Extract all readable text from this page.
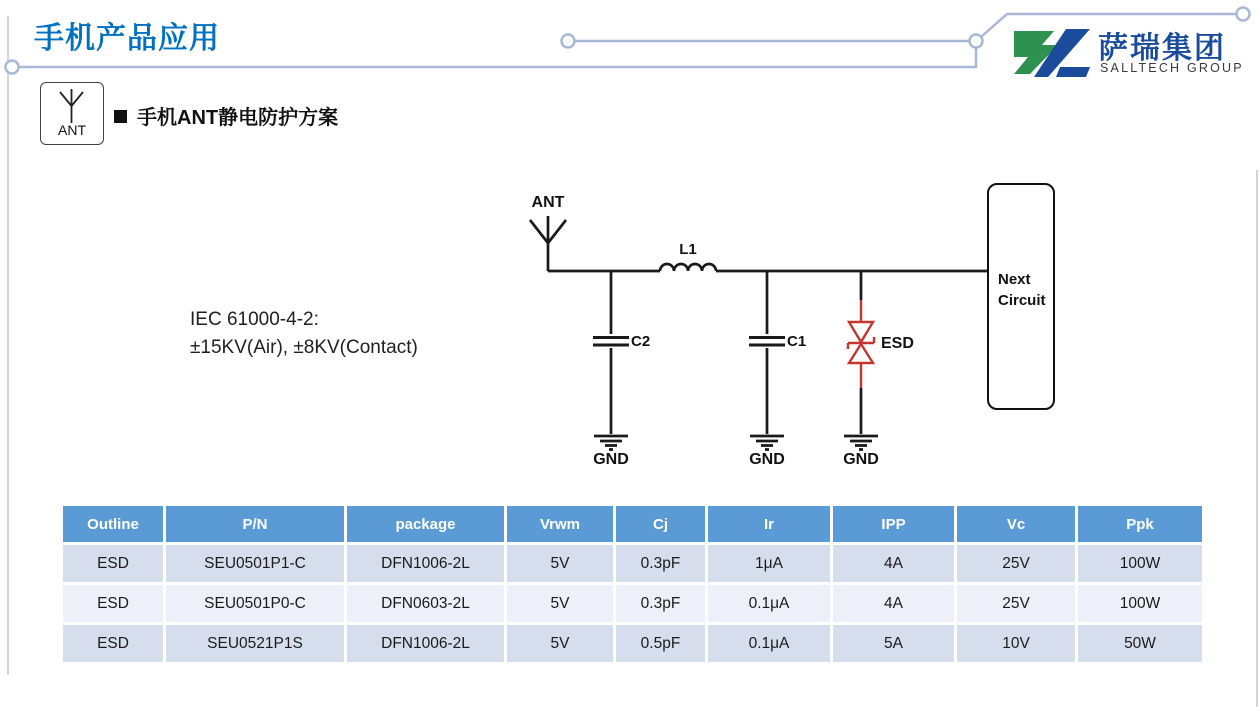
手机产品应用	萨瑞集团
SALLTECH GROUP
ANT
手机ANT静电防护方案
IEC 61000-4-2:
±15KV(Air), ±8KV(Contact)
ANT
L1
C2	C1	ESD
GND	GND	GND
Next
Circuit
Outline	P/N	package	Vrwm	Cj	Ir	IPP	Vc	Ppk
ESD	SEU0501P1-C	DFN1006-2L	5V	0.3pF	1μA	4A	25V	100W
ESD	SEU0501P0-C	DFN0603-2L	5V	0.3pF	0.1μA	4A	25V	100W
ESD	SEU0521P1S	DFN1006-2L	5V	0.5pF	0.1μA	5A	10V	50W
